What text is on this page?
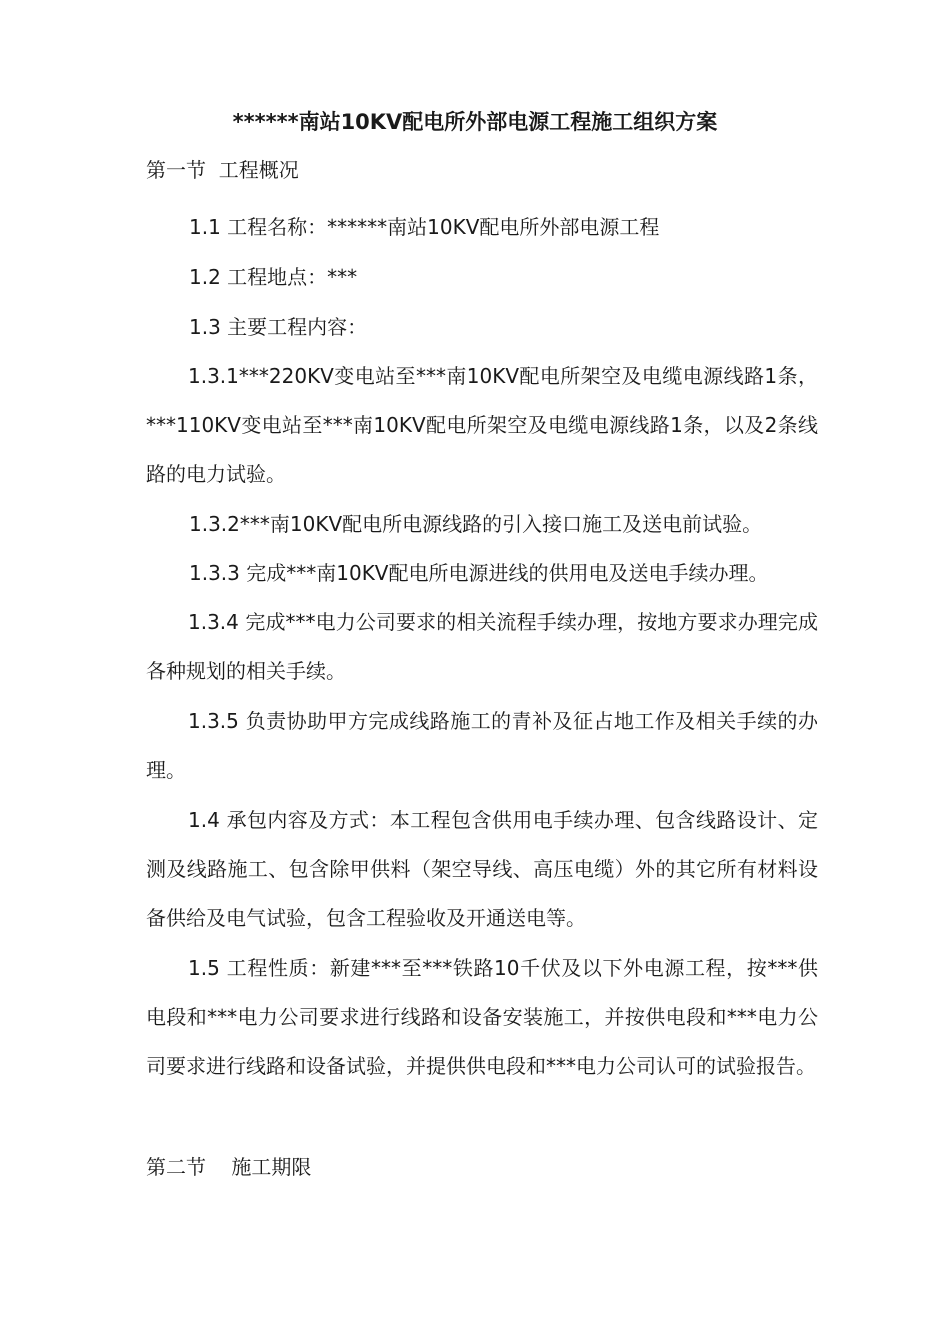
******南站10KV配电所外部电源工程施工组织方案
第一节  工程概况
1.1 工程名称：******南站10KV配电所外部电源工程
1.2 工程地点：***
1.3 主要工程内容：

1.3.1***220KV变电站至***南10KV配电所架空及电缆电源线路1条，***110KV变电站至***南10KV配电所架空及电缆电源线路1条，以及2条线路的电力试验。

1.3.2***南10KV配电所电源线路的引入接口施工及送电前试验。
1.3.3 完成***南10KV配电所电源进线的供用电及送电手续办理。

1.3.4 完成***电力公司要求的相关流程手续办理，按地方要求办理完成各种规划的相关手续。

1.3.5 负责协助甲方完成线路施工的青补及征占地工作及相关手续的办理。

1.4 承包内容及方式：本工程包含供用电手续办理、包含线路设计、定测及线路施工、包含除甲供料（架空导线、高压电缆）外的其它所有材料设备供给及电气试验，包含工程验收及开通送电等。

1.5 工程性质：新建***至***铁路10千伏及以下外电源工程，按***供电段和***电力公司要求进行线路和设备安装施工，并按供电段和***电力公司要求进行线路和设备试验，并提供供电段和***电力公司认可的试验报告。

第二节    施工期限
